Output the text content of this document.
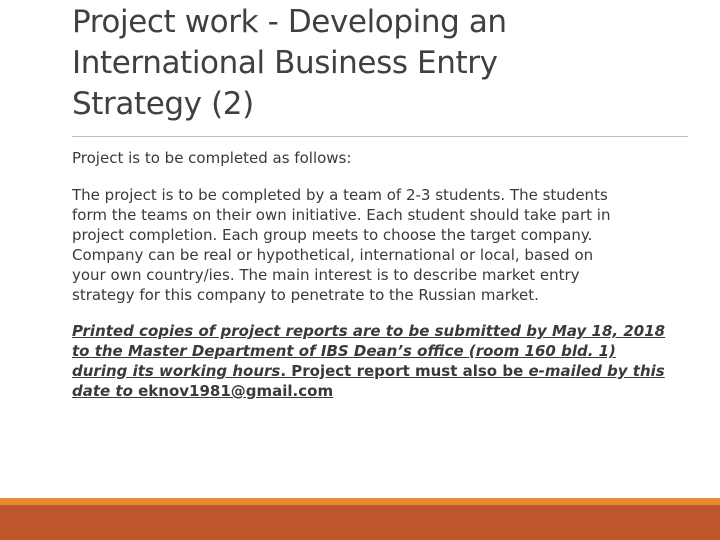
Project work - Developing an
International Business Entry
Strategy (2)

Project is to be completed as follows:

The project is to be completed by a team of 2-3 students. The students
form the teams on their own initiative. Each student should take part in
project completion. Each group meets to choose the target company.
Company can be real or hypothetical, international or local, based on
your own country/ies. The main interest is to describe market entry
strategy for this company to penetrate to the Russian market.

Printed copies of project reports are to be submitted by May 18, 2018
to the Master Department of IBS Dean’s office (room 160 bld. 1)
during its working hours. Project report must also be e-mailed by this
date to eknov1981@gmail.com
